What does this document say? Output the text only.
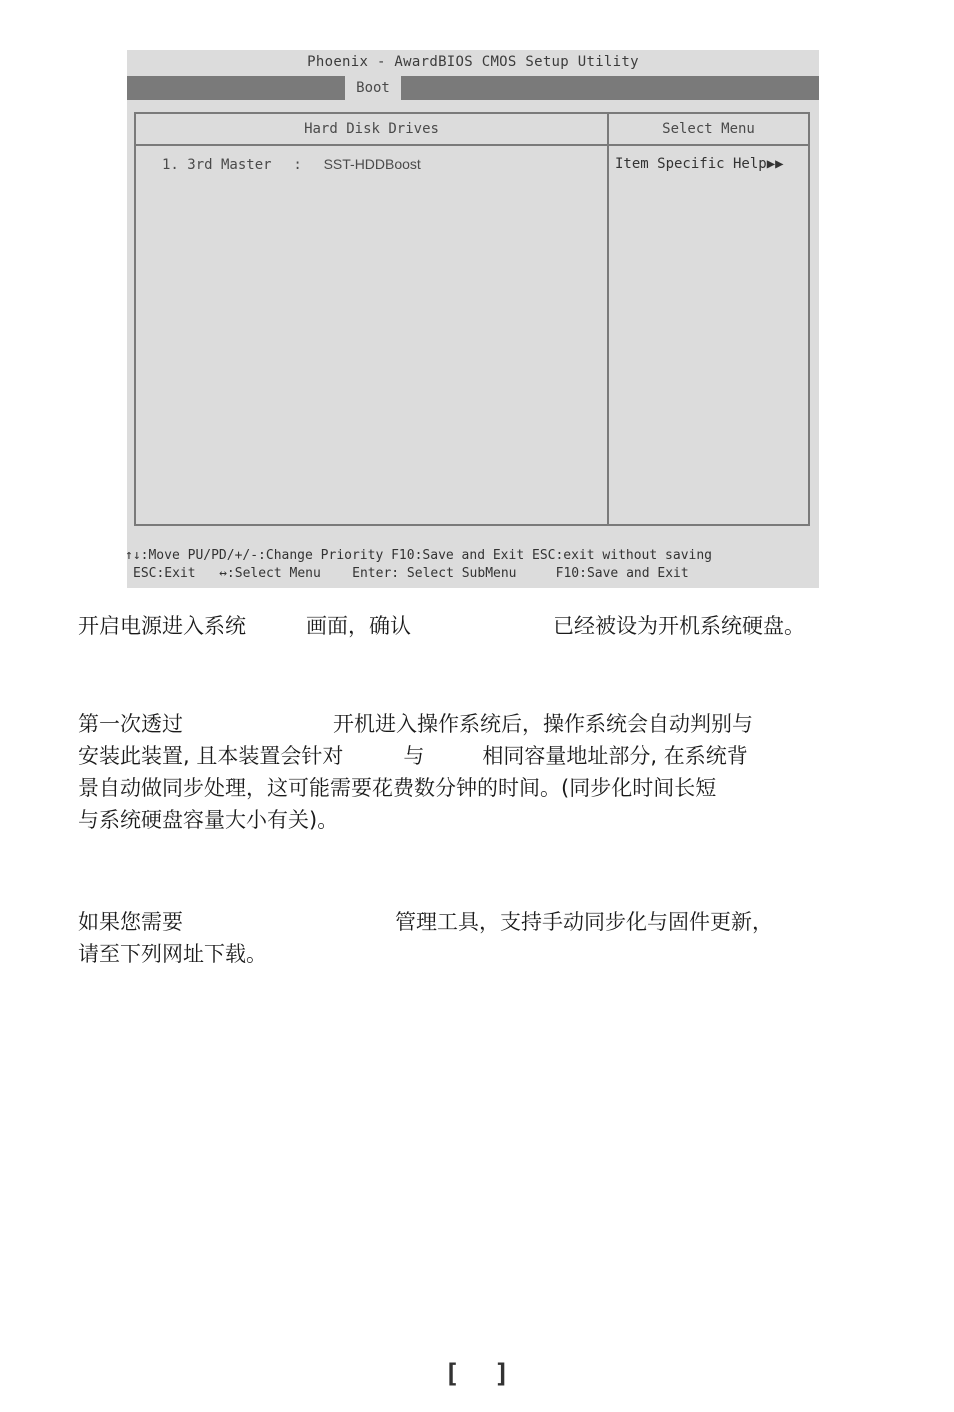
Phoenix - AwardBIOS CMOS Setup Utility
Boot
Hard Disk Drives	Select Menu
1. 3rd Master : SST-HDDBoost	Item Specific Help▶▶
↑↓:Move PU/PD/+/-:Change Priority F10:Save and Exit ESC:exit without saving
ESC:Exit   ↔:Select Menu    Enter: Select SubMenu     F10:Save and Exit
开启电源进入系统	画面，确认	已经被设为开机系统硬盘。
第一次透过	开机进入操作系统后，操作系统会自动判别与
安装此装置, 且本装置会针对	与	相同容量地址部分, 在系统背
景自动做同步处理，这可能需要花费数分钟的时间。(同步化时间长短
与系统硬盘容量大小有关)。
如果您需要	管理工具，支持手动同步化与固件更新，
请至下列网址下载。
[ ]
